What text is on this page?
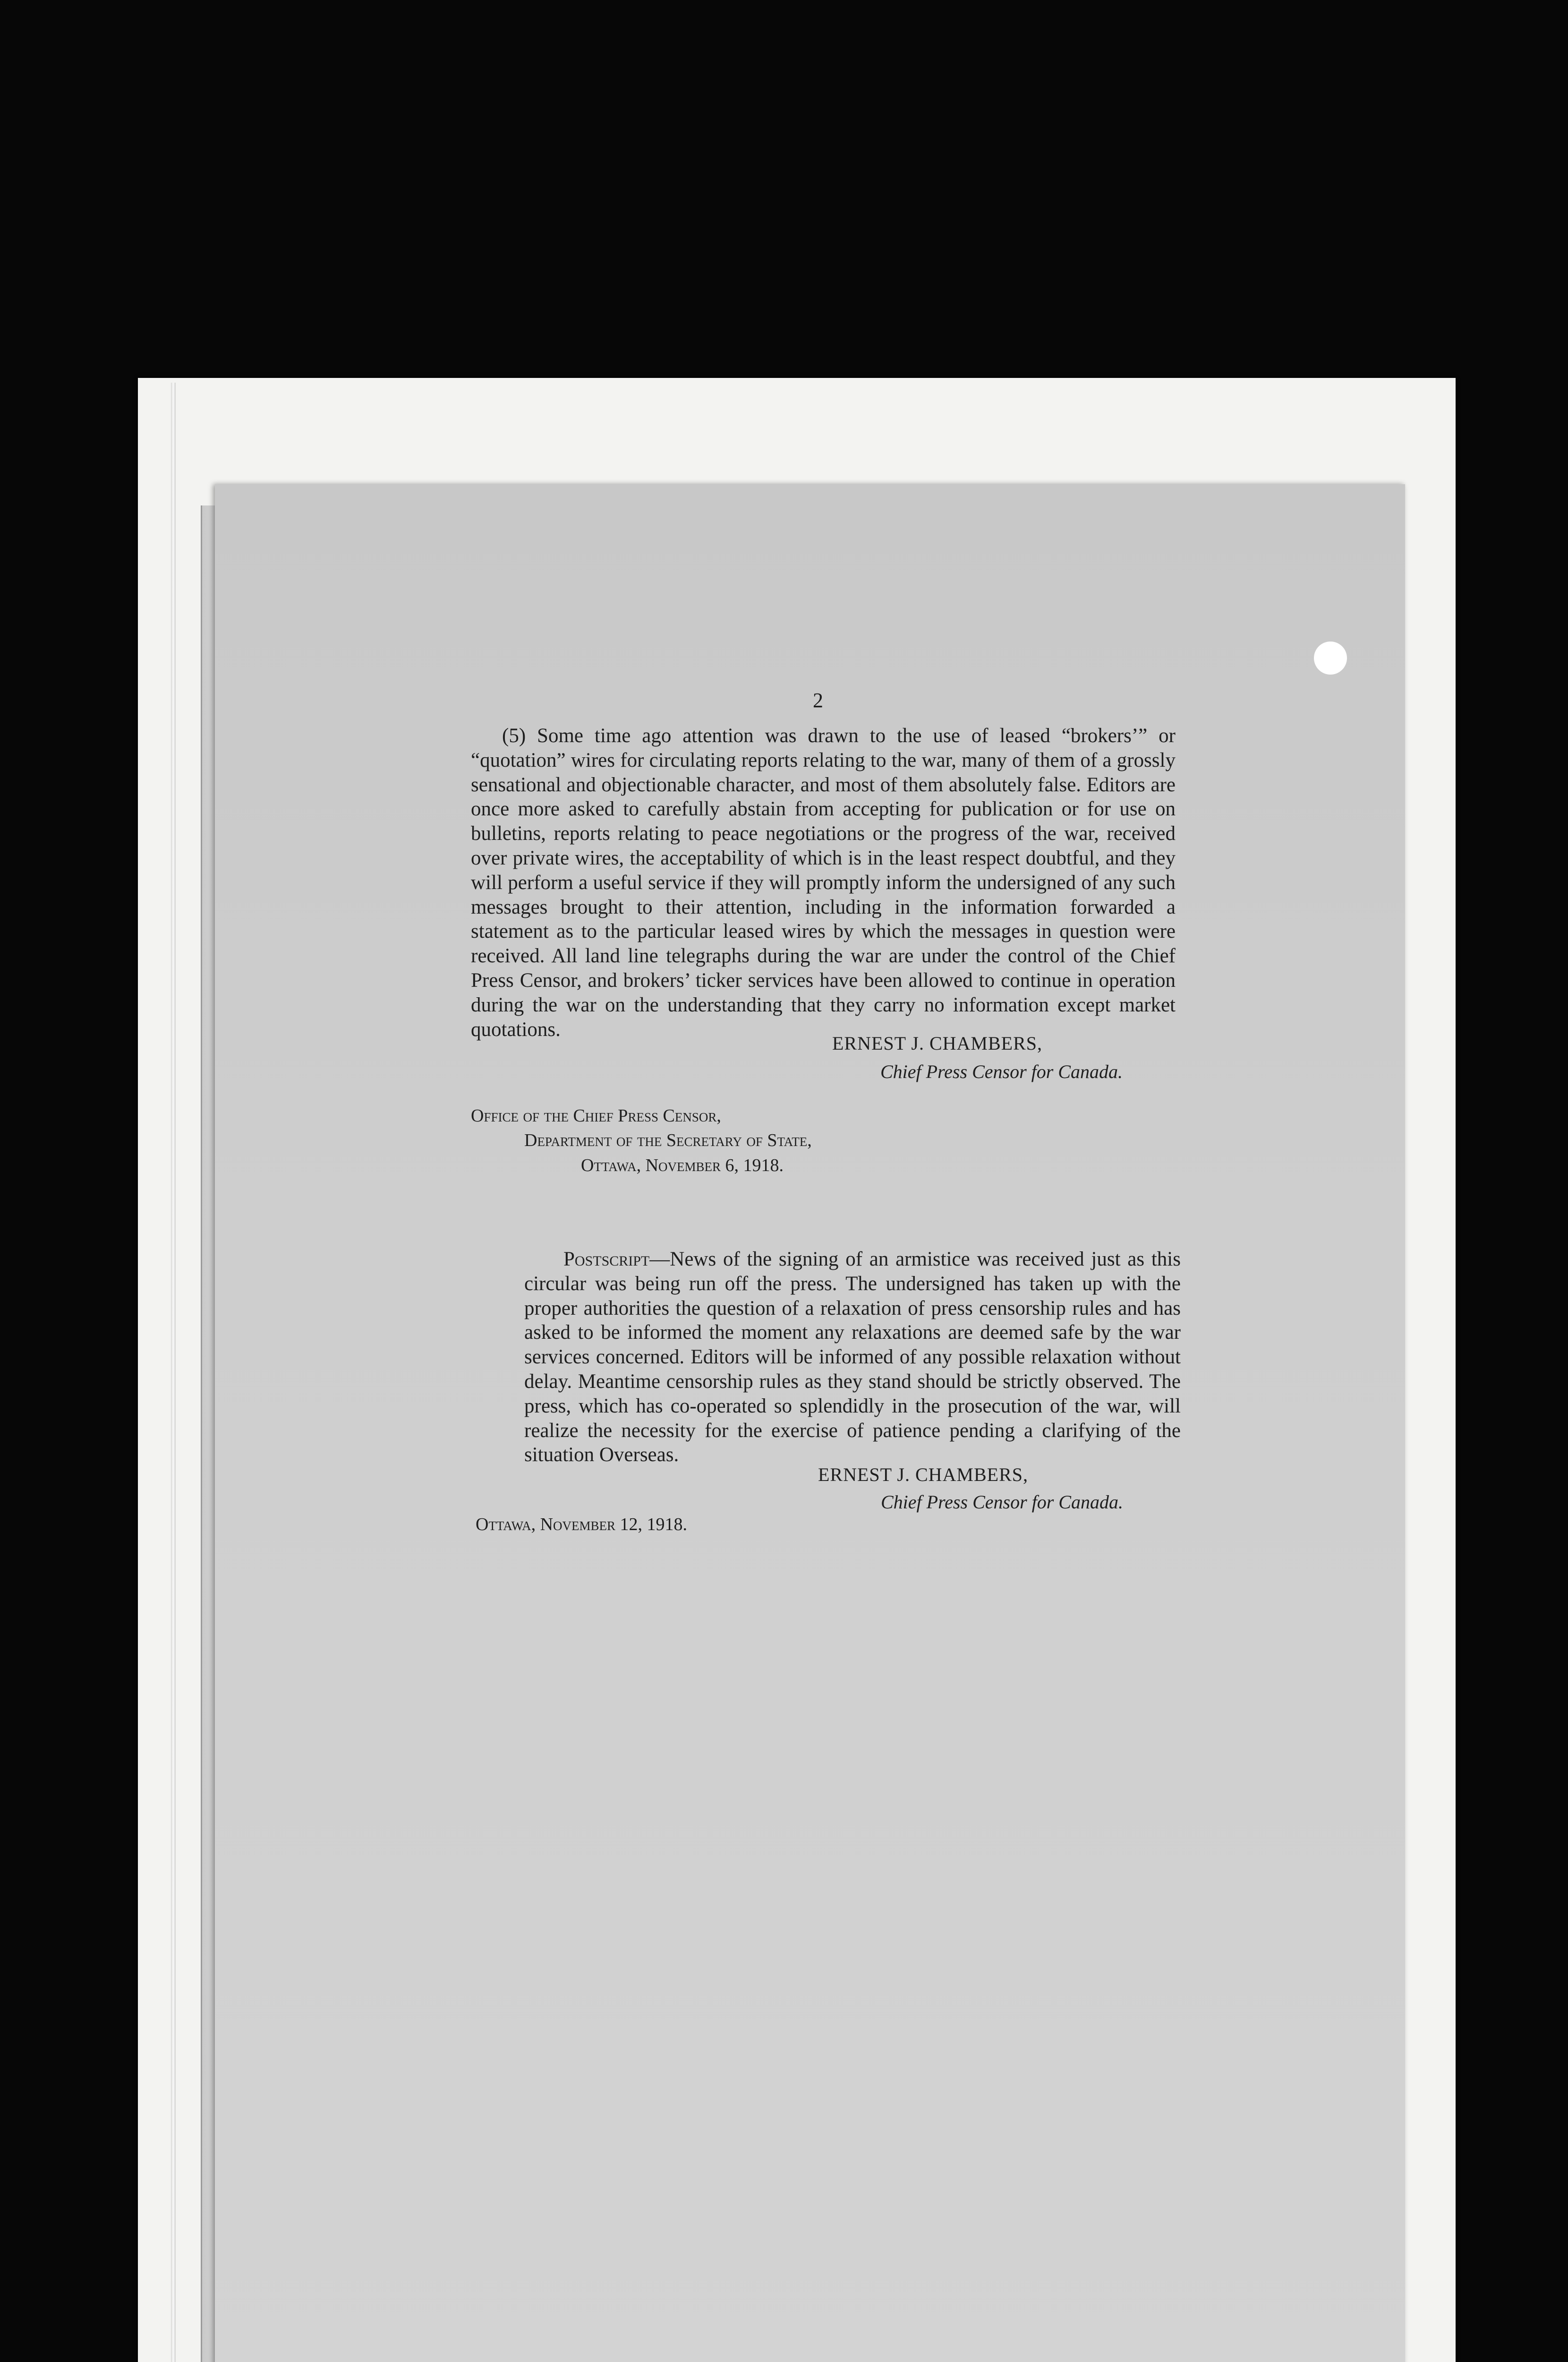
2

(5) Some time ago attention was drawn to the use of leased “brokers’” or “quotation” wires for circulating reports relating to the war, many of them of a grossly sensational and objectionable character, and most of them absolutely false. Editors are once more asked to carefully abstain from accepting for publication or for use on bulletins, reports relating to peace negotiations or the progress of the war, received over private wires, the acceptability of which is in the least respect doubtful, and they will perform a useful service if they will promptly inform the undersigned of any such messages brought to their attention, including in the information forwarded a statement as to the particular leased wires by which the messages in question were received. All land line telegraphs during the war are under the control of the Chief Press Censor, and brokers’ ticker services have been allowed to continue in operation during the war on the understanding that they carry no information except market quotations.

ERNEST J. CHAMBERS,
Chief Press Censor for Canada.
Office of the Chief Press Censor,
Department of the Secretary of State,
Ottawa, November 6, 1918.

Postscript—News of the signing of an armistice was received just as this circular was being run off the press. The undersigned has taken up with the proper authorities the question of a relaxation of press censorship rules and has asked to be informed the moment any relaxations are deemed safe by the war services concerned. Editors will be informed of any possible relaxation without delay. Meantime censorship rules as they stand should be strictly observed. The press, which has co-operated so splendidly in the prosecution of the war, will realize the necessity for the exercise of patience pending a clarifying of the situation Overseas.

ERNEST J. CHAMBERS,
Chief Press Censor for Canada.
Ottawa, November 12, 1918.
